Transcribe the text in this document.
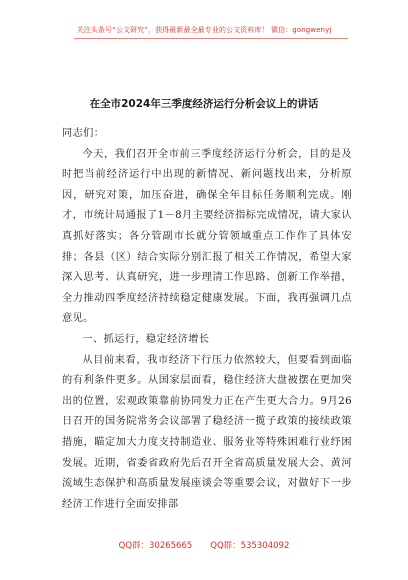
关注头条号“公文研究”，获得最新最全最专业的公文资料库！ 微信：gongwenyj
在全市2024年三季度经济运行分析会议上的讲话

同志们：

今天，我们召开全市前三季度经济运行分析会，目的是及时把当前经济运行中出现的新情况、新问题找出来，分析原因，研究对策，加压奋进，确保全年目标任务顺利完成。刚才，市统计局通报了1－8月主要经济指标完成情况，请大家认真抓好落实；各分管副市长就分管领域重点工作作了具体安排；各县（区）结合实际分别汇报了相关工作情况，希望大家深入思考、认真研究，进一步理清工作思路、创新工作举措，全力推动四季度经济持续稳定健康发展。下面，我再强调几点意见。

一、抓运行，稳定经济增长

从目前来看，我市经济下行压力依然较大，但要看到面临的有利条件更多。从国家层面看，稳住经济大盘被摆在更加突出的位置，宏观政策靠前协同发力正在产生更大合力。9月26日召开的国务院常务会议部署了稳经济一揽子政策的接续政策措施，瞄定加大力度支持制造业、服务业等特殊困难行业纾困发展。近期，省委省政府先后召开全省高质量发展大会、黄河流域生态保护和高质量发展座谈会等重要会议，对做好下一步经济工作进行全面安排部

QQ群：30265665 QQ群：535304092
